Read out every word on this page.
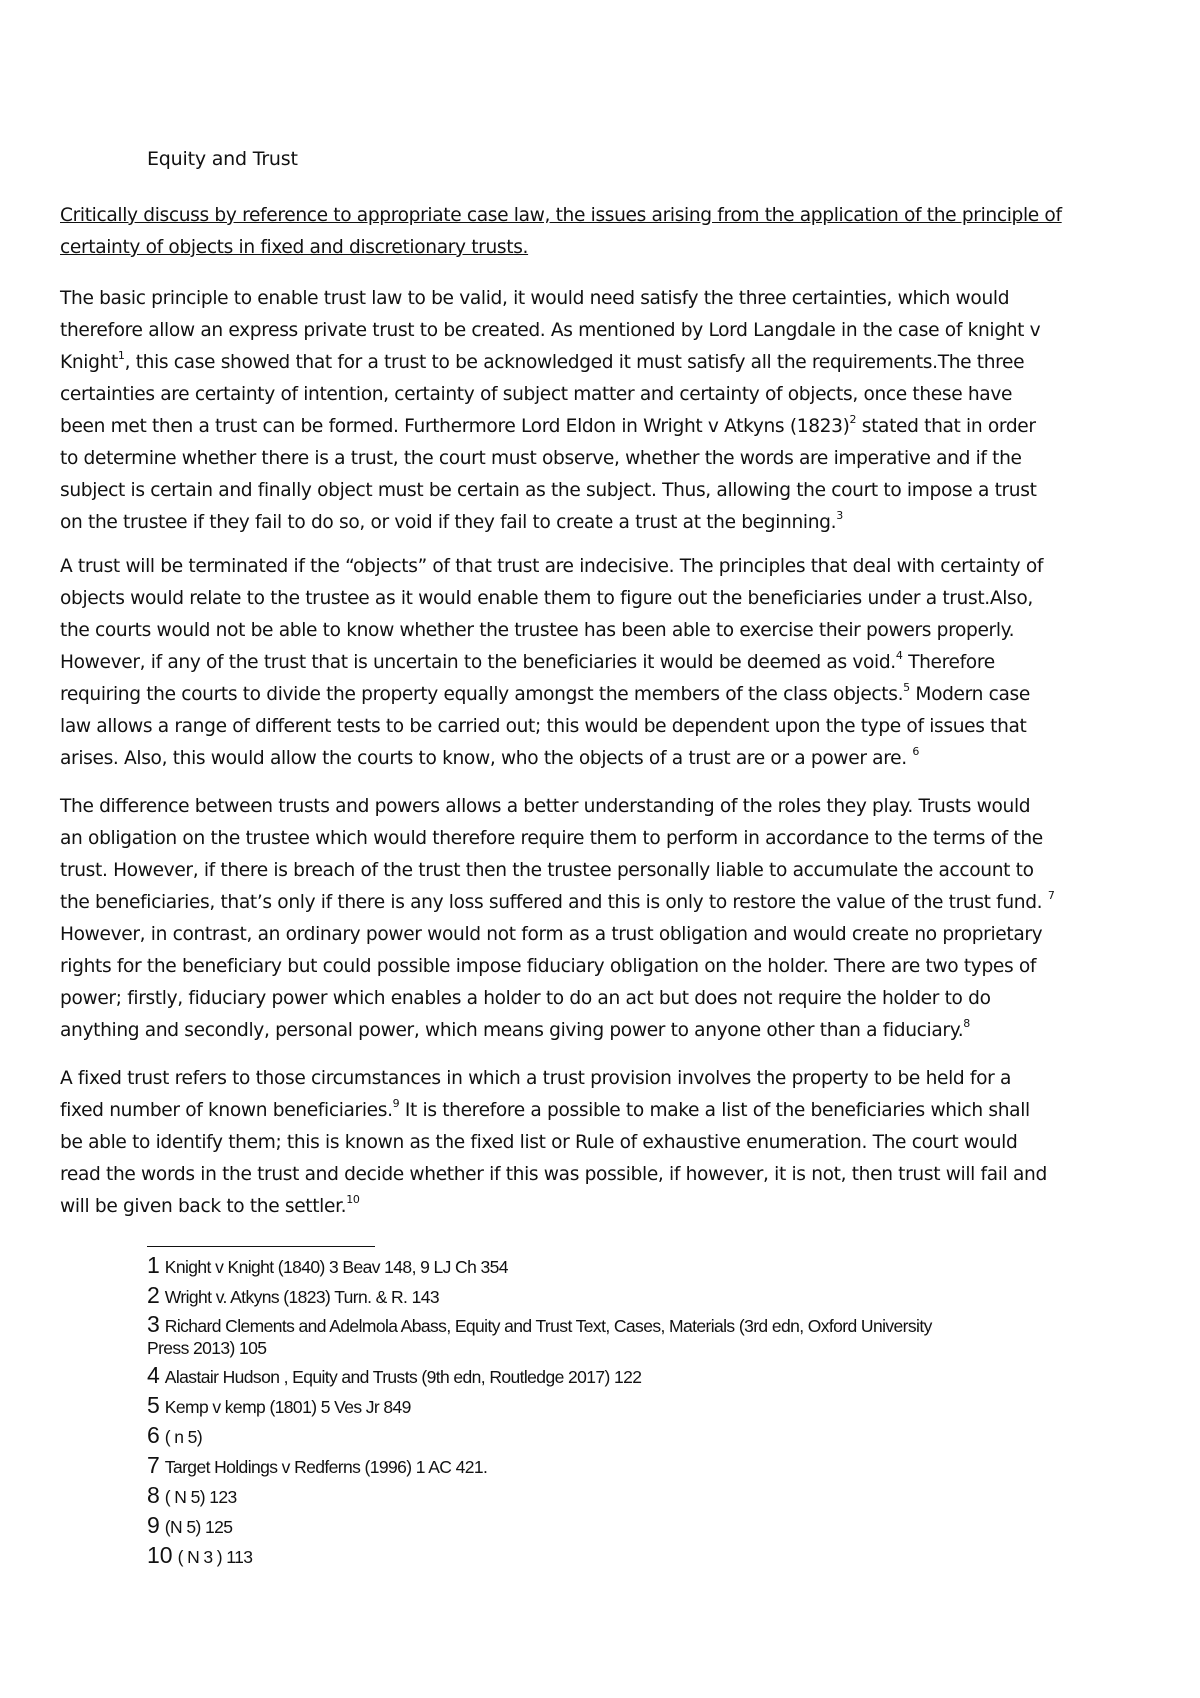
Equity and Trust
Critically discuss by reference to appropriate case law, the issues arising from the application of the principle of
certainty of objects in fixed and discretionary trusts.
The basic principle to enable trust law to be valid, it would need satisfy the three certainties, which would
therefore allow an express private trust to be created. As mentioned by Lord Langdale in the case of knight v
Knight$^1$, this case showed that for a trust to be acknowledged it must satisfy all the requirements.The three
certainties are certainty of intention, certainty of subject matter and certainty of objects, once these have
been met then a trust can be formed. Furthermore Lord Eldon in Wright v Atkyns $(1823)^2$ stated that in order
to determine whether there is a trust, the court must observe, whether the words are imperative and if the
subject is certain and finally object must be certain as the subject. Thus, allowing the court to impose a trust
on the trustee if they fail to do so, or void if they fail to create a trust at the beginning.$^3$
A trust will be terminated if the “objects” of that trust are indecisive. The principles that deal with certainty of
objects would relate to the trustee as it would enable them to figure out the beneficiaries under a trust.Also,
the courts would not be able to know whether the trustee has been able to exercise their powers properly.
However, if any of the trust that is uncertain to the beneficiaries it would be deemed as void.$^4$ Therefore
requiring the courts to divide the property equally amongst the members of the class objects.$^5$ Modern case
law allows a range of different tests to be carried out; this would be dependent upon the type of issues that
arises. Also, this would allow the courts to know, who the objects of a trust are or a power are. $^6$
The difference between trusts and powers allows a better understanding of the roles they play. Trusts would
an obligation on the trustee which would therefore require them to perform in accordance to the terms of the
trust. However, if there is breach of the trust then the trustee personally liable to accumulate the account to
the beneficiaries, that’s only if there is any loss suffered and this is only to restore the value of the trust fund. $^7$
However, in contrast, an ordinary power would not form as a trust obligation and would create no proprietary
rights for the beneficiary but could possible impose fiduciary obligation on the holder. There are two types of
power; firstly, fiduciary power which enables a holder to do an act but does not require the holder to do
anything and secondly, personal power, which means giving power to anyone other than a fiduciary.$^8$
A fixed trust refers to those circumstances in which a trust provision involves the property to be held for a
fixed number of known beneficiaries.$^9$ It is therefore a possible to make a list of the beneficiaries which shall
be able to identify them; this is known as the fixed list or Rule of exhaustive enumeration. The court would
read the words in the trust and decide whether if this was possible, if however, it is not, then trust will fail and
will be given back to the settler.$^{10}$
1 Knight v Knight (1840) 3 Beav 148, 9 LJ Ch 354
2 Wright v. Atkyns (1823) Turn. & R. 143
3 Richard Clements and Adelmola Abass, Equity and Trust Text, Cases, Materials (3rd edn, Oxford University
Press 2013) 105
4 Alastair Hudson , Equity and Trusts (9th edn, Routledge 2017) 122
5 Kemp v kemp (1801) 5 Ves Jr 849
6 ( n 5)
7 Target Holdings v Redferns (1996) 1 AC 421.
8 ( N 5) 123
9 (N 5) 125
10 ( N 3 ) 113
